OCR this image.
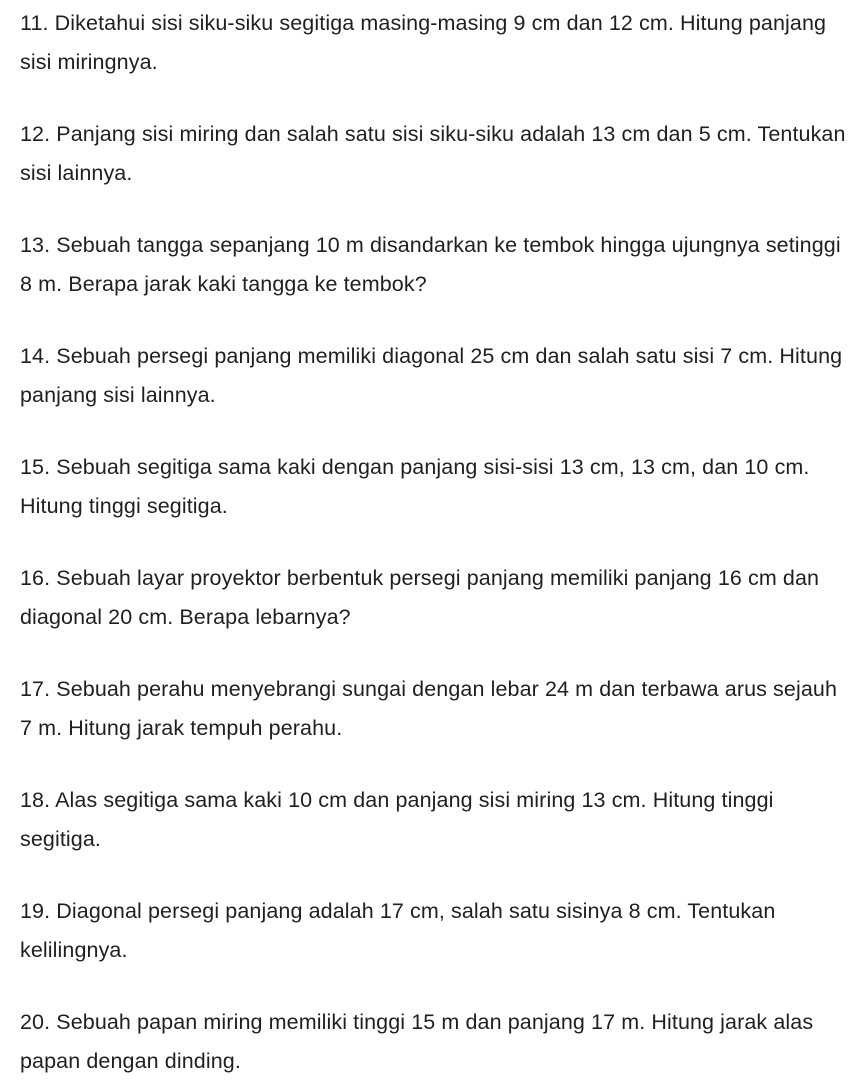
11. Diketahui sisi siku-siku segitiga masing-masing 9 cm dan 12 cm. Hitung panjang sisi miringnya.

12. Panjang sisi miring dan salah satu sisi siku-siku adalah 13 cm dan 5 cm. Tentukan sisi lainnya.

13. Sebuah tangga sepanjang 10 m disandarkan ke tembok hingga ujungnya setinggi 8 m. Berapa jarak kaki tangga ke tembok?

14. Sebuah persegi panjang memiliki diagonal 25 cm dan salah satu sisi 7 cm. Hitung panjang sisi lainnya.

15. Sebuah segitiga sama kaki dengan panjang sisi-sisi 13 cm, 13 cm, dan 10 cm. Hitung tinggi segitiga.

16. Sebuah layar proyektor berbentuk persegi panjang memiliki panjang 16 cm dan diagonal 20 cm. Berapa lebarnya?

17. Sebuah perahu menyebrangi sungai dengan lebar 24 m dan terbawa arus sejauh 7 m. Hitung jarak tempuh perahu.

18. Alas segitiga sama kaki 10 cm dan panjang sisi miring 13 cm. Hitung tinggi segitiga.

19. Diagonal persegi panjang adalah 17 cm, salah satu sisinya 8 cm. Tentukan kelilingnya.

20. Sebuah papan miring memiliki tinggi 15 m dan panjang 17 m. Hitung jarak alas papan dengan dinding.
